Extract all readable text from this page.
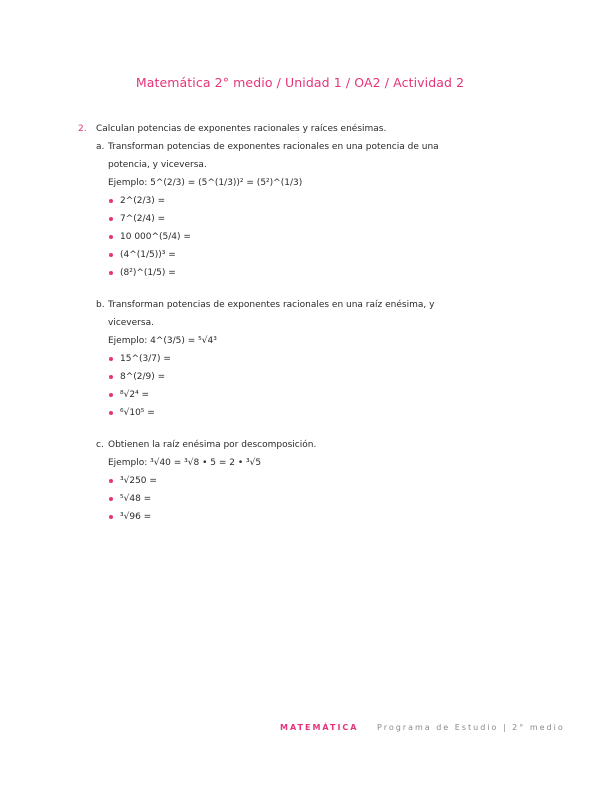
Matemática 2° medio / Unidad 1 / OA2 / Actividad 2
2. Calculan potencias de exponentes racionales y raíces enésimas.
a. Transforman potencias de exponentes racionales en una potencia de una potencia, y viceversa.

Ejemplo: 5^(2/3) = (5^(1/3))² = (5²)^(1/3)

2^(2/3) =
7^(2/4) =
10 000^(5/4) =
(4^(1/5))³ =
(8²)^(1/5) =
b. Transforman potencias de exponentes racionales en una raíz enésima, y viceversa.

Ejemplo: 4^(3/5) = ⁵√4³

15^(3/7) =
8^(2/9) =
⁸√2⁴ =
⁶√10⁵ =
c. Obtienen la raíz enésima por descomposición.

Ejemplo: ³√40 = ³√8 • 5 = 2 • ³√5

³√250 =
⁵√48 =
³√96 =
MATEMÁTICA Programa de Estudio | 2° medio
